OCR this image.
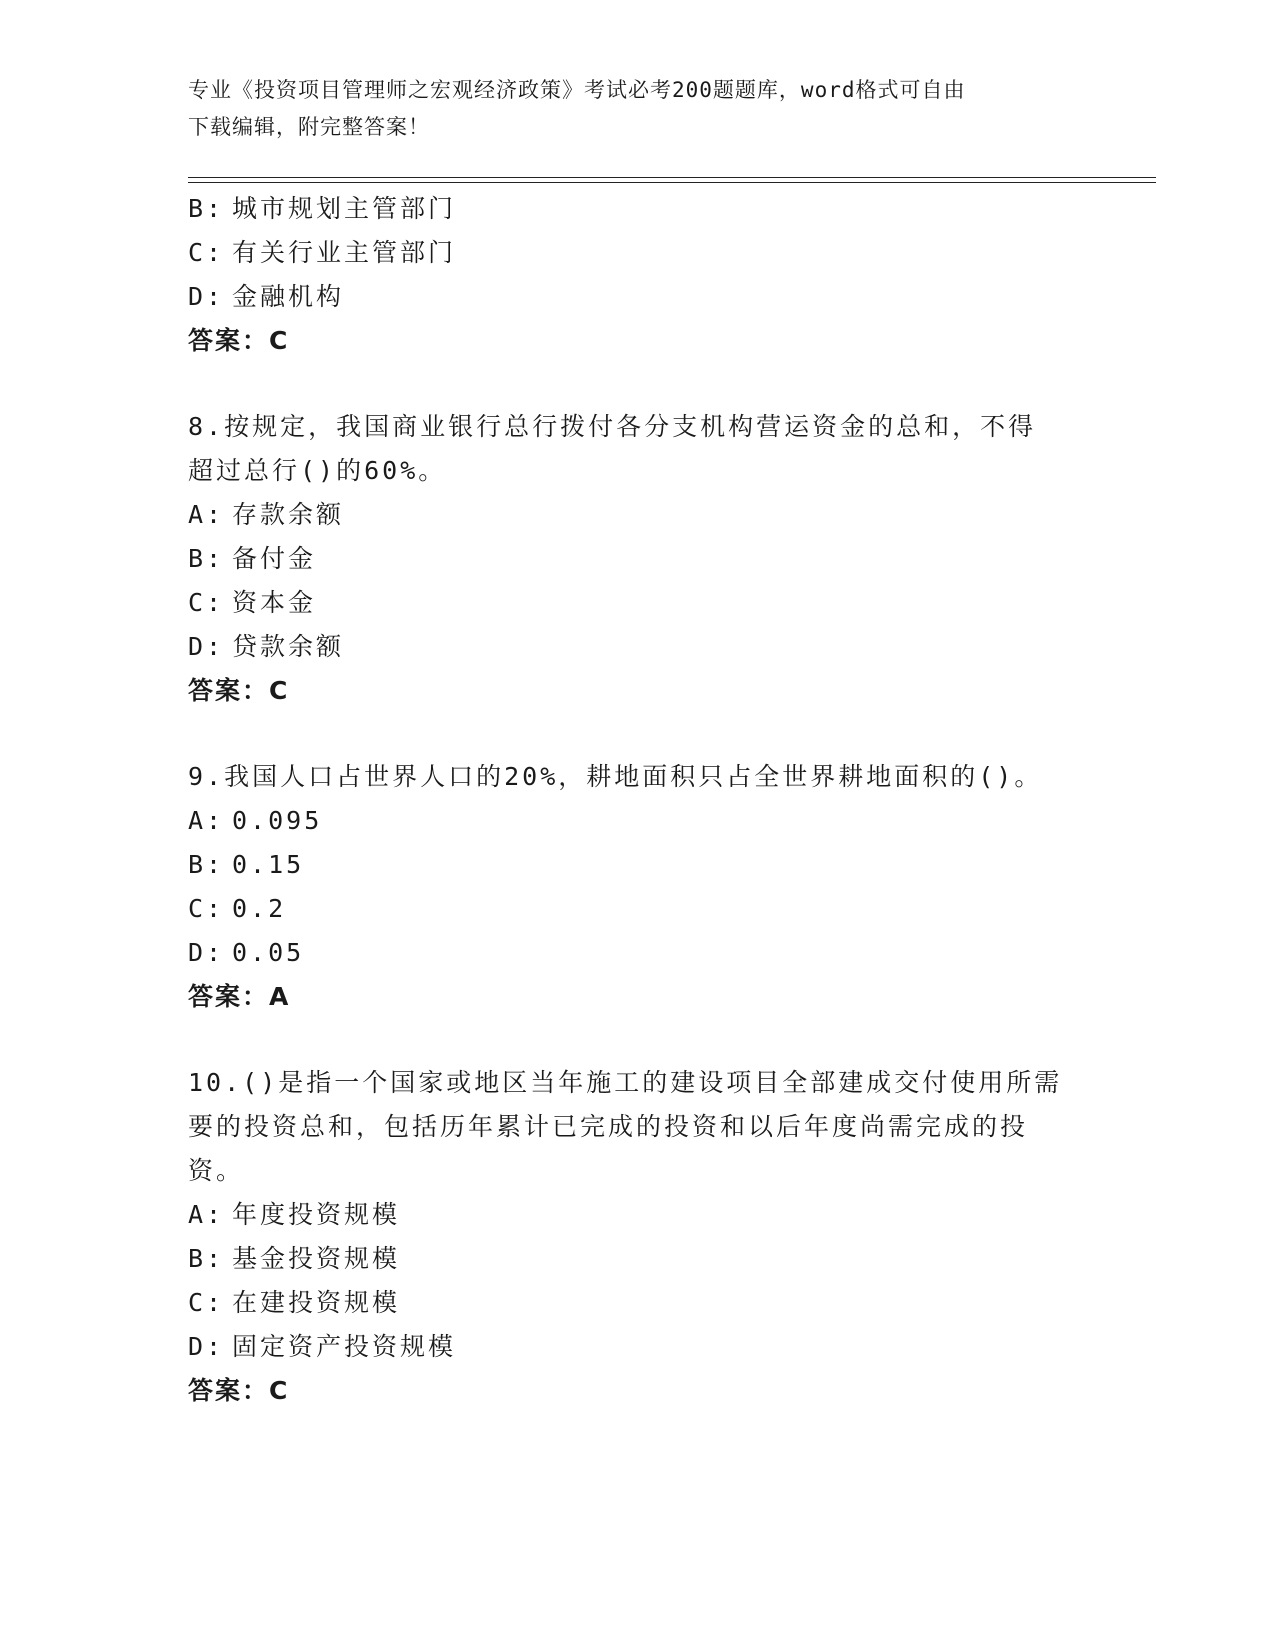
专业《投资项目管理师之宏观经济政策》考试必考200题题库，word格式可自由
下载编辑，附完整答案！
B: 城市规划主管部门
C: 有关行业主管部门
D: 金融机构
答案：C
8.按规定，我国商业银行总行拨付各分支机构营运资金的总和，不得
超过总行()的60%。
A: 存款余额
B: 备付金
C: 资本金
D: 贷款余额
答案：C
9.我国人口占世界人口的20%，耕地面积只占全世界耕地面积的()。
A: 0.095
B: 0.15
C: 0.2
D: 0.05
答案：A
10.()是指一个国家或地区当年施工的建设项目全部建成交付使用所需
要的投资总和，包括历年累计已完成的投资和以后年度尚需完成的投
资。
A: 年度投资规模
B: 基金投资规模
C: 在建投资规模
D: 固定资产投资规模
答案：C
